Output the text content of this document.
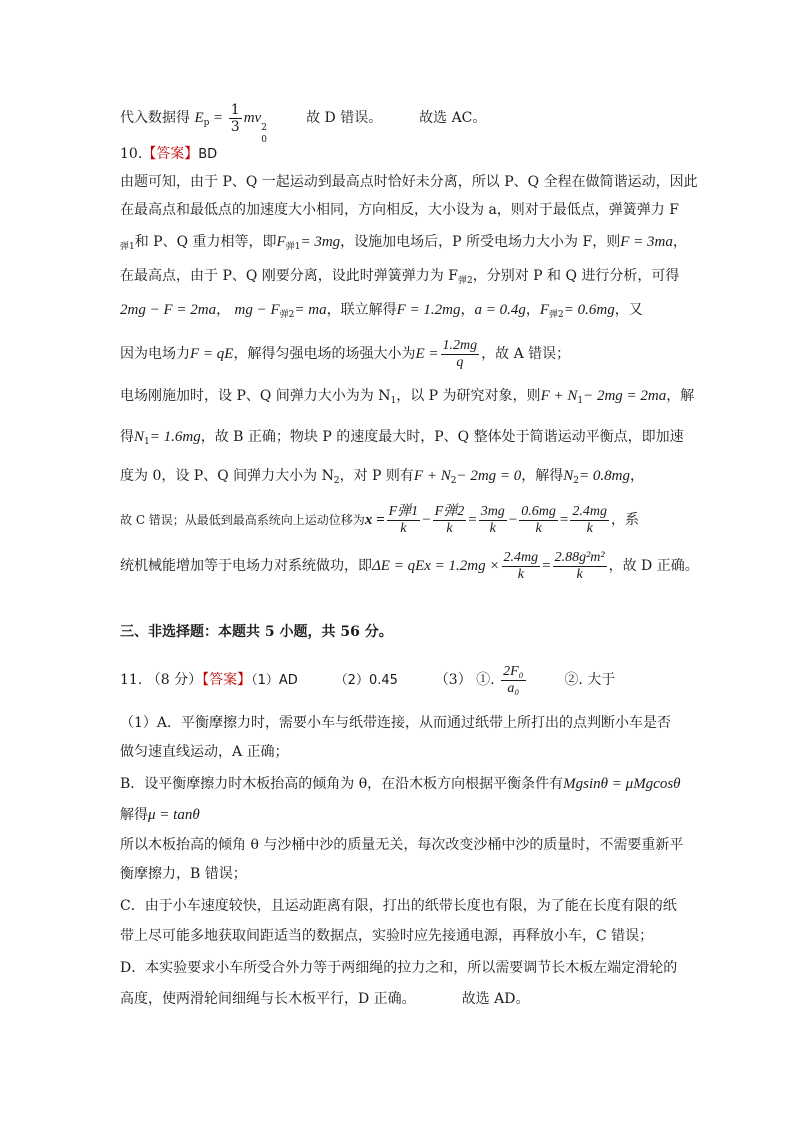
代入数据得 $E_p = \frac{1}{3}$ mv
2
0
故 D 错误。	故选 AC。
10.【答案】BD
由题可知，由于 P、Q 一起运动到最高点时恰好未分离，所以 P、Q 全程在做简谐运动，因此
在最高点和最低点的加速度大小相同，方向相反，大小设为 a，则对于最低点，弹簧弹力 F
$_{弹1}$和 P、Q 重力相等，即$F_{弹1}= 3mg$，设施加电场后，P 所受电场力大小为 F，则F = 3ma，
在最高点，由于 P、Q 刚要分离，设此时弹簧弹力为 $F_{弹2}$，分别对 P 和 Q 进行分析，可得
2mg − F = 2ma， mg − $F_{弹2}=$ ma，联立解得F = 1.2mg，a = 0.4g，$F_{弹2}= 0.6mg$，又
因为电场力F = qE，解得匀强电场的场强大小为$E = \frac{1.2mg}{q}$ ，故 A 错误；
电场刚施加时，设 P、Q 间弹力大小为为 $N_1$，以 P 为研究对象，则$F + N_1- 2mg = 2ma$，解
得$N_1= 1.6mg$，故 B 正确；物块 P 的速度最大时，P、Q 整体处于简谐运动平衡点，即加速
度为 0，设 P、Q 间弹力大小为 $N_2$，对 P 则有$F + N_2- 2mg = 0$，解得$N_2= 0.8mg$，
故 C 错误；从最低到最高系统向上运动位移为$x = \frac{\text{F弹1}}{k} - \frac{\text{F弹2}}{k} = \frac{3mg}{k} - \frac{0.6mg}{k} = \frac{2.4mg}{k}$ ，系
统机械能增加等于电场力对系统做功，即ΔE = qEx = $1.2mg \times \frac{2.4mg}{k} = \frac{\text{2.88g²m²}}{k}$ ，故 D 正确。
三、非选择题：本题共 5 小题，共 56 分。
11. （8 分）【答案】（1）AD	（2）0.45	（3） ①. $\frac{\text{2F₀}}{\text{a₀}}$	②. 大于
（1）A．平衡摩擦力时，需要小车与纸带连接，从而通过纸带上所打出的点判断小车是否
做匀速直线运动，A 正确；
B．设平衡摩擦力时木板抬高的倾角为 θ，在沿木板方向根据平衡条件有Mgsinθ = μMgcosθ
解得μ = tanθ
所以木板抬高的倾角 θ 与沙桶中沙的质量无关，每次改变沙桶中沙的质量时，不需要重新平
衡摩擦力，B 错误；
C．由于小车速度较快，且运动距离有限，打出的纸带长度也有限，为了能在长度有限的纸
带上尽可能多地获取间距适当的数据点，实验时应先接通电源，再释放小车，C 错误；
D．本实验要求小车所受合外力等于两细绳的拉力之和，所以需要调节长木板左端定滑轮的
高度，使两滑轮间细绳与长木板平行，D 正确。	故选 AD。
